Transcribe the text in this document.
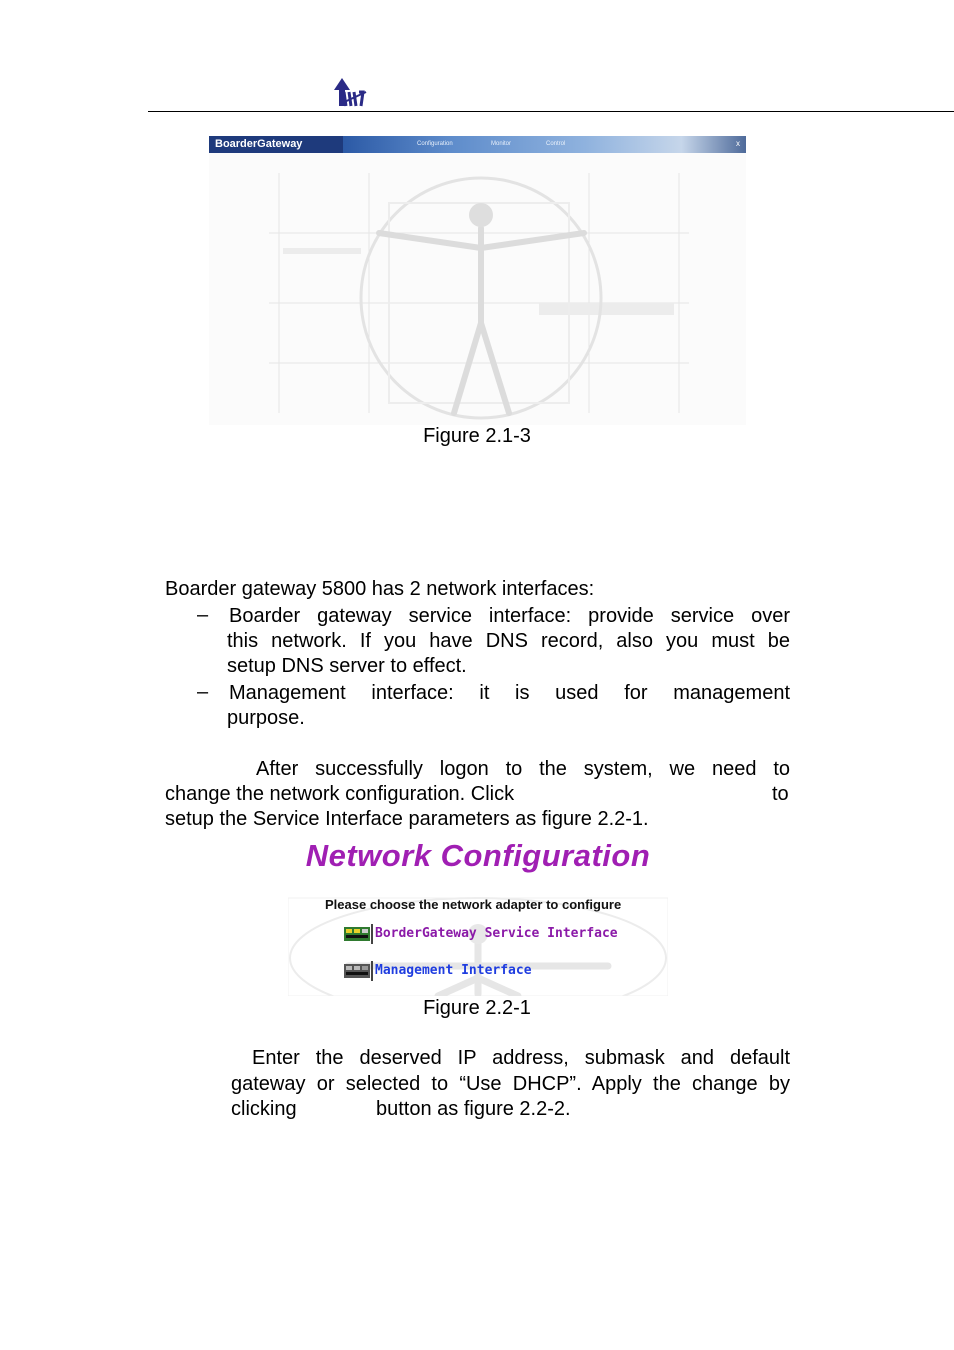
BoarderGateway	Configuration	Monitor	Control	x
Figure 2.1-3
Boarder gateway 5800 has 2 network interfaces:
– Boarder gateway service interface: provide service over
this network. If you have DNS record, also you must be
setup DNS server to effect.
– Management interface: it is used for management
purpose.
After successfully logon to the system, we need to
change the network configuration. Click	to
setup the Service Interface parameters as figure 2.2-1.
Network Configuration
Please choose the network adapter to configure
BorderGateway Service Interface
Management Interface
Figure 2.2-1
Enter the deserved IP address, submask and default
gateway or selected to “Use DHCP”. Apply the change by
clicking	button as figure 2.2-2.
